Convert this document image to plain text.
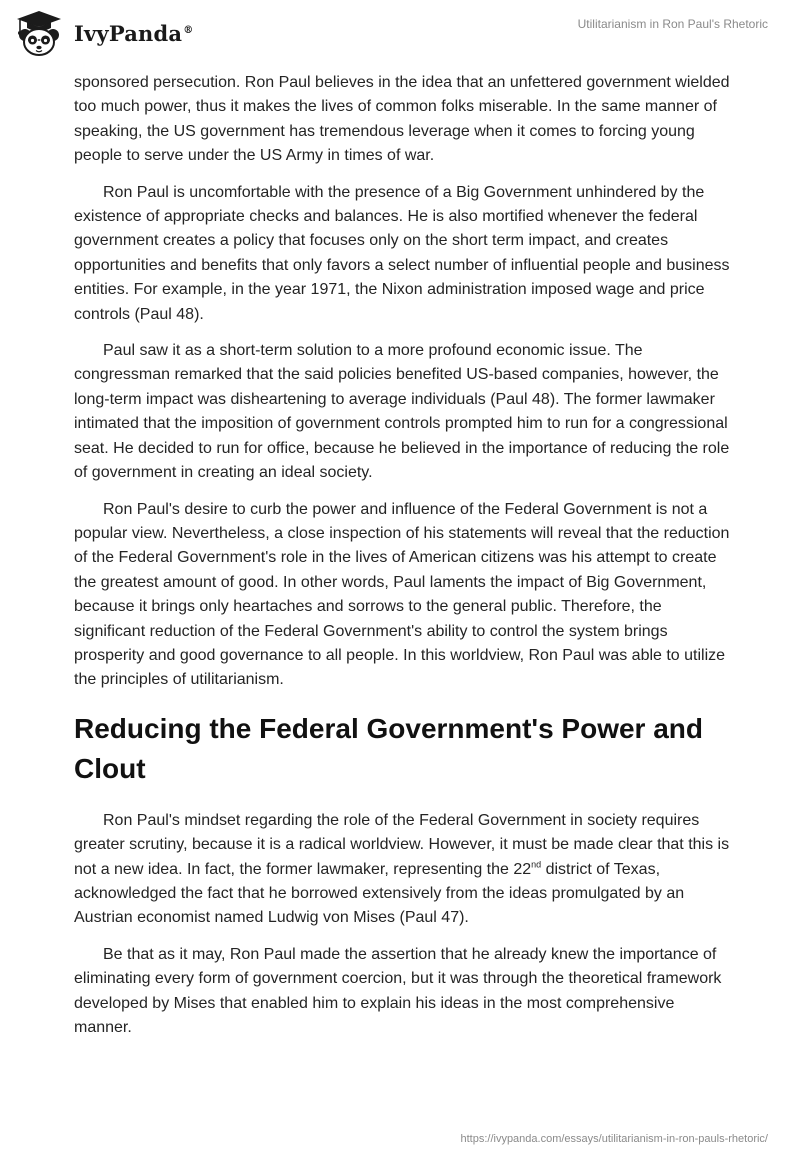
IvyPanda®	Utilitarianism in Ron Paul's Rhetoric

sponsored persecution. Ron Paul believes in the idea that an unfettered government wielded too much power, thus it makes the lives of common folks miserable. In the same manner of speaking, the US government has tremendous leverage when it comes to forcing young people to serve under the US Army in times of war.

Ron Paul is uncomfortable with the presence of a Big Government unhindered by the existence of appropriate checks and balances. He is also mortified whenever the federal government creates a policy that focuses only on the short term impact, and creates opportunities and benefits that only favors a select number of influential people and business entities. For example, in the year 1971, the Nixon administration imposed wage and price controls (Paul 48).

Paul saw it as a short-term solution to a more profound economic issue. The congressman remarked that the said policies benefited US-based companies, however, the long-term impact was disheartening to average individuals (Paul 48). The former lawmaker intimated that the imposition of government controls prompted him to run for a congressional seat. He decided to run for office, because he believed in the importance of reducing the role of government in creating an ideal society.

Ron Paul's desire to curb the power and influence of the Federal Government is not a popular view. Nevertheless, a close inspection of his statements will reveal that the reduction of the Federal Government's role in the lives of American citizens was his attempt to create the greatest amount of good. In other words, Paul laments the impact of Big Government, because it brings only heartaches and sorrows to the general public. Therefore, the significant reduction of the Federal Government's ability to control the system brings prosperity and good governance to all people. In this worldview, Ron Paul was able to utilize the principles of utilitarianism.

Reducing the Federal Government's Power and Clout

Ron Paul's mindset regarding the role of the Federal Government in society requires greater scrutiny, because it is a radical worldview. However, it must be made clear that this is not a new idea. In fact, the former lawmaker, representing the 22nd district of Texas, acknowledged the fact that he borrowed extensively from the ideas promulgated by an Austrian economist named Ludwig von Mises (Paul 47).

Be that as it may, Ron Paul made the assertion that he already knew the importance of eliminating every form of government coercion, but it was through the theoretical framework developed by Mises that enabled him to explain his ideas in the most comprehensive manner.

https://ivypanda.com/essays/utilitarianism-in-ron-pauls-rhetoric/
